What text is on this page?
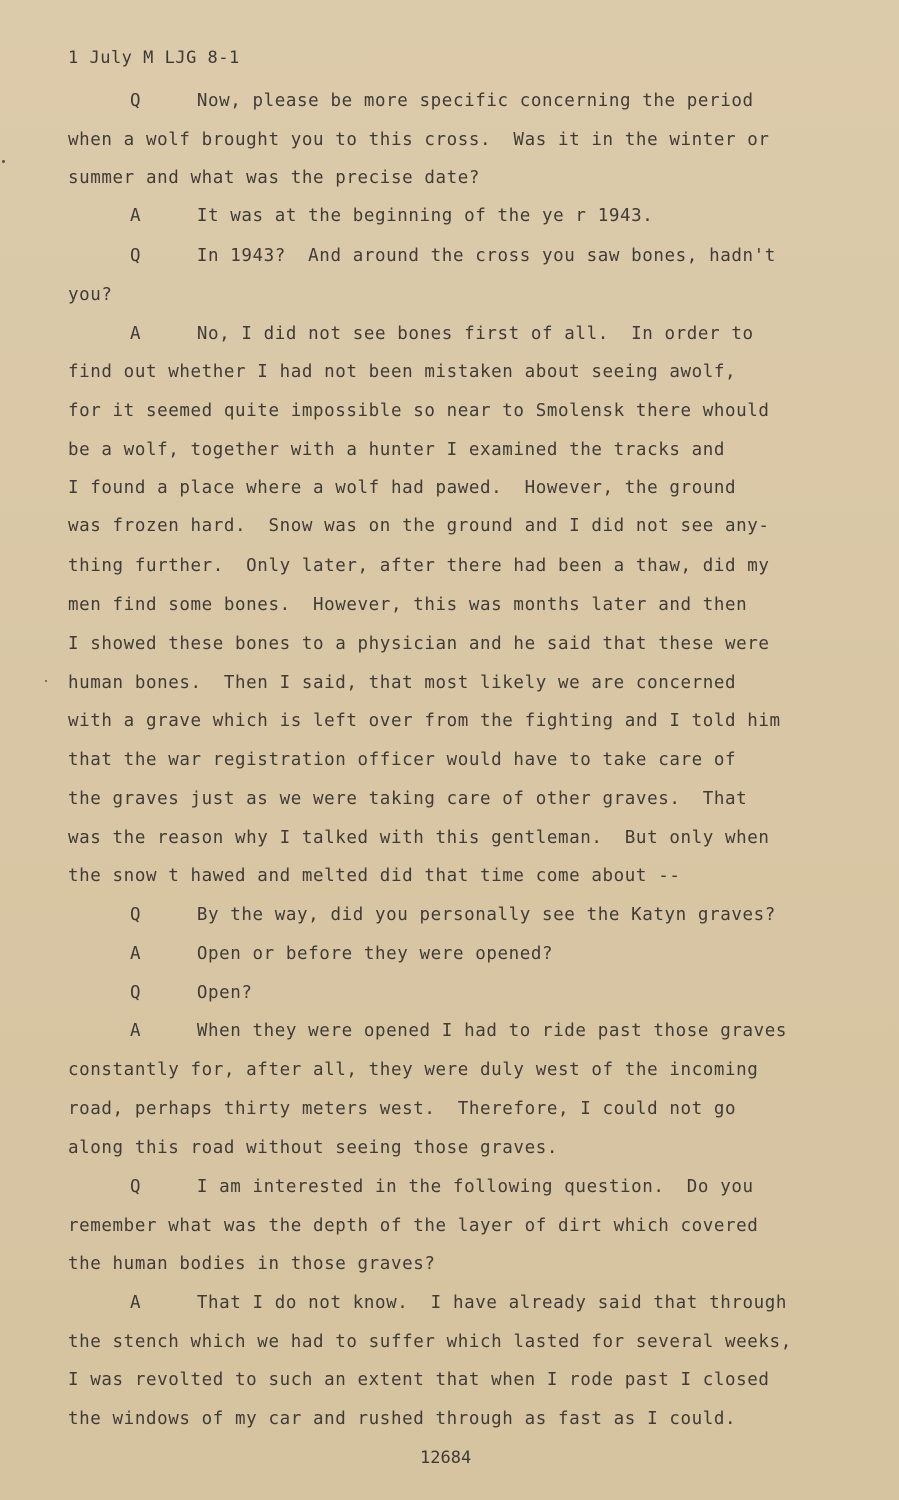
1 July M LJG 8-1
Q     Now, please be more specific concerning the period
when a wolf brought you to this cross.  Was it in the winter or
summer and what was the precise date?
A     It was at the beginning of the ye r 1943.
Q     In 1943?  And around the cross you saw bones, hadn't
you?
A     No, I did not see bones first of all.  In order to
find out whether I had not been mistaken about seeing awolf,
for it seemed quite impossible so near to Smolensk there whould
be a wolf, together with a hunter I examined the tracks and
I found a place where a wolf had pawed.  However, the ground
was frozen hard.  Snow was on the ground and I did not see any-
thing further.  Only later, after there had been a thaw, did my
men find some bones.  However, this was months later and then
I showed these bones to a physician and he said that these were
human bones.  Then I said, that most likely we are concerned
with a grave which is left over from the fighting and I told him
that the war registration officer would have to take care of
the graves just as we were taking care of other graves.  That
was the reason why I talked with this gentleman.  But only when
the snow t hawed and melted did that time come about --
Q     By the way, did you personally see the Katyn graves?
A     Open or before they were opened?
Q     Open?
A     When they were opened I had to ride past those graves
constantly for, after all, they were duly west of the incoming
road, perhaps thirty meters west.  Therefore, I could not go
along this road without seeing those graves.
Q     I am interested in the following question.  Do you
remember what was the depth of the layer of dirt which covered
the human bodies in those graves?
A     That I do not know.  I have already said that through
the stench which we had to suffer which lasted for several weeks,
I was revolted to such an extent that when I rode past I closed
the windows of my car and rushed through as fast as I could.
12684
